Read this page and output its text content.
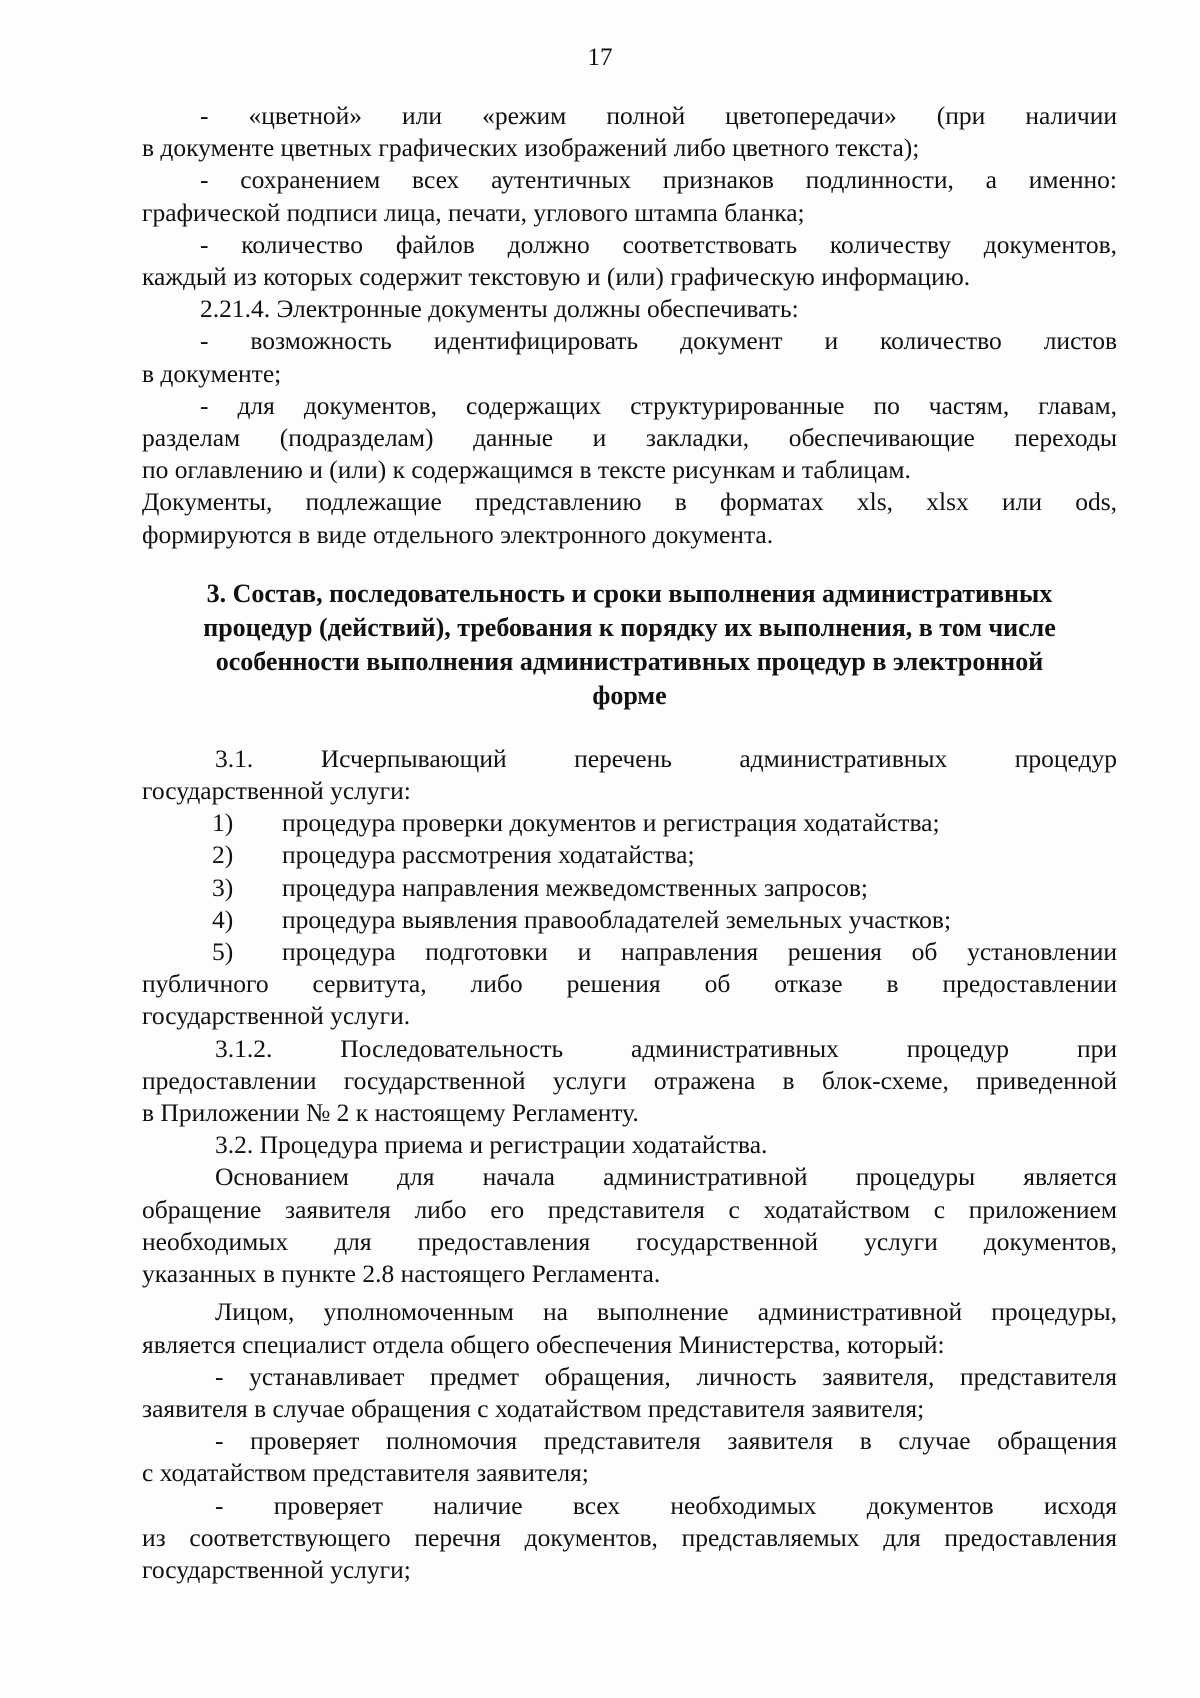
17
- «цветной» или «режим полной цветопередачи» (при наличии
в документе цветных графических изображений либо цветного текста);
- сохранением всех аутентичных признаков подлинности, а именно:
графической подписи лица, печати, углового штампа бланка;
- количество файлов должно соответствовать количеству документов,
каждый из которых содержит текстовую и (или) графическую информацию.
2.21.4. Электронные документы должны обеспечивать:
- возможность идентифицировать документ и количество листов
в документе;
- для документов, содержащих структурированные по частям, главам,
разделам (подразделам) данные и закладки, обеспечивающие переходы
по оглавлению и (или) к содержащимся в тексте рисункам и таблицам.
Документы, подлежащие представлению в форматах xls, xlsx или ods,
формируются в виде отдельного электронного документа.
3. Состав, последовательность и сроки выполнения административных
процедур (действий), требования к порядку их выполнения, в том числе
особенности выполнения административных процедур в электронной
форме
3.1. Исчерпывающий перечень административных процедур
государственной услуги:
1)	процедура проверки документов и регистрация ходатайства;
2)	процедура рассмотрения ходатайства;
3)	процедура направления межведомственных запросов;
4)	процедура выявления правообладателей земельных участков;
5)	процедура подготовки и направления решения об установлении
публичного сервитута, либо решения об отказе в предоставлении
государственной услуги.
3.1.2. Последовательность административных процедур при
предоставлении государственной услуги отражена в блок-схеме, приведенной
в Приложении № 2 к настоящему Регламенту.
3.2. Процедура приема и регистрации ходатайства.
Основанием для начала административной процедуры является
обращение заявителя либо его представителя с ходатайством с приложением
необходимых для предоставления государственной услуги документов,
указанных в пункте 2.8 настоящего Регламента.
Лицом, уполномоченным на выполнение административной процедуры,
является специалист отдела общего обеспечения Министерства, который:
- устанавливает предмет обращения, личность заявителя, представителя
заявителя в случае обращения с ходатайством представителя заявителя;
- проверяет полномочия представителя заявителя в случае обращения
с ходатайством представителя заявителя;
- проверяет наличие всех необходимых документов исходя
из соответствующего перечня документов, представляемых для предоставления
государственной услуги;
